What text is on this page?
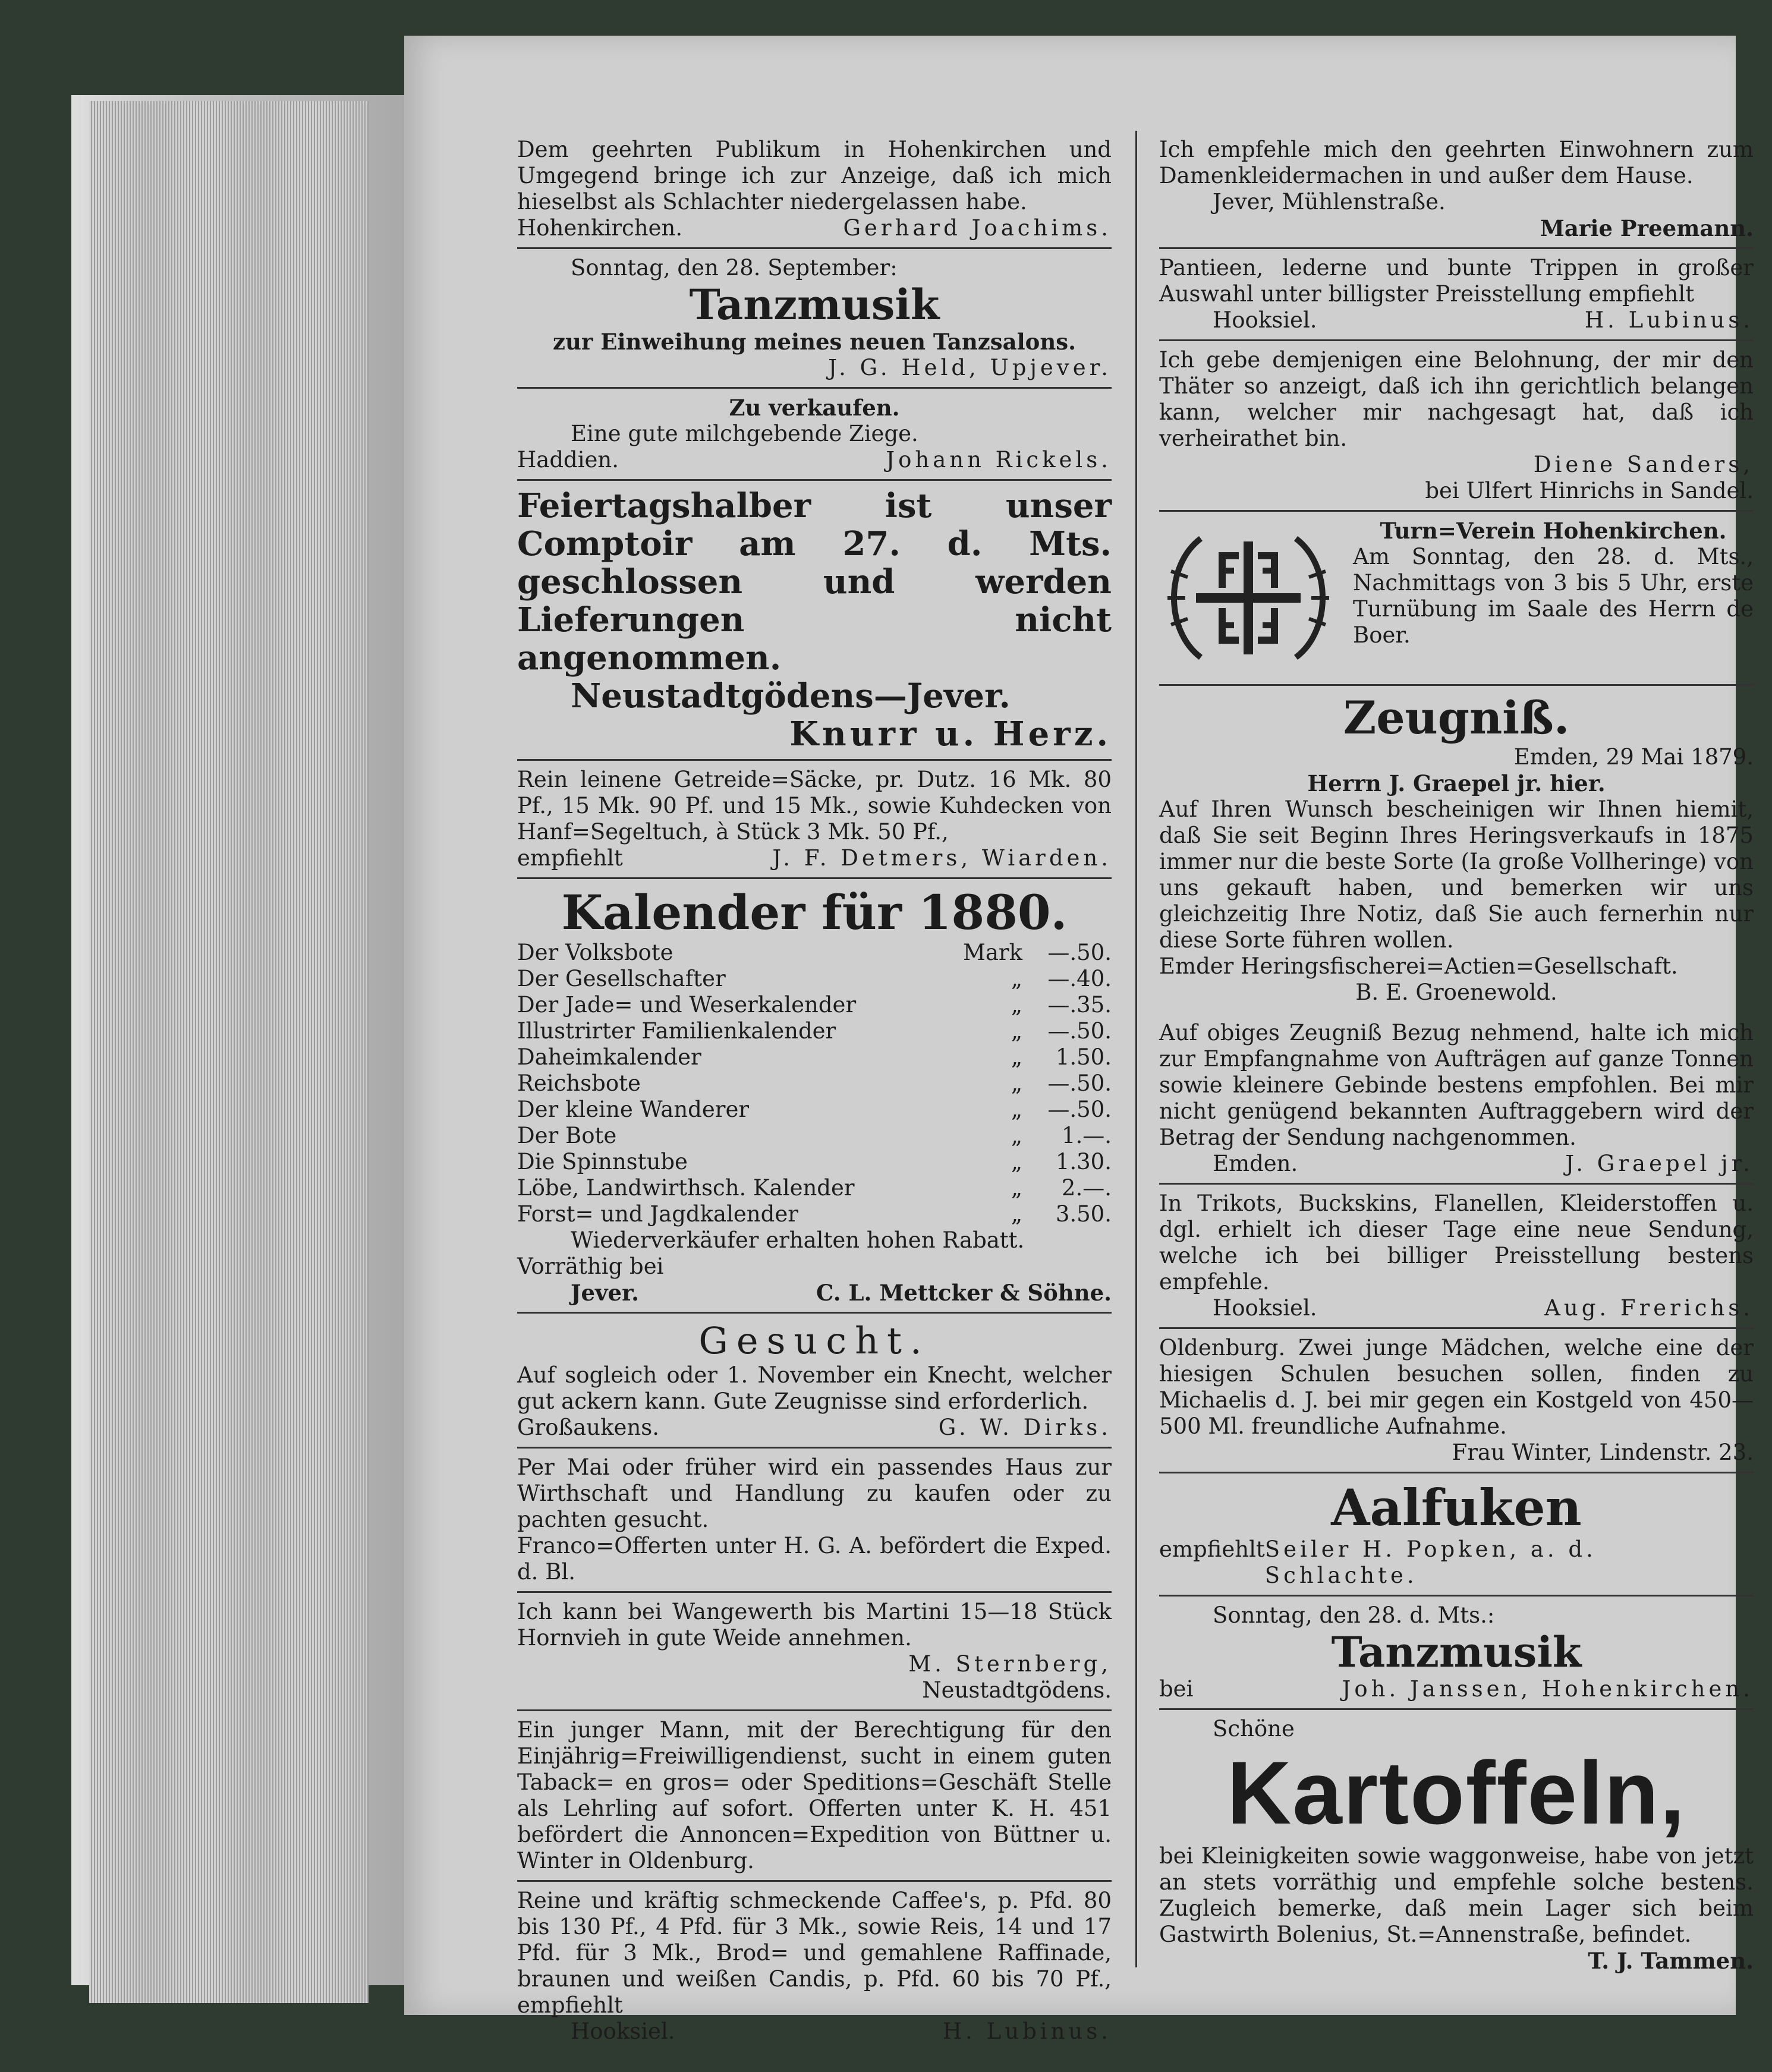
Dem geehrten Publikum in Hohenkirchen und Umgegend bringe ich zur Anzeige, daß ich mich hieselbst als Schlachter niedergelassen habe.

Hohenkirchen.	Gerhard Joachims.

Sonntag, den 28. September:

Tanzmusik

zur Einweihung meines neuen Tanzsalons.

J. G. Held, Upjever.

Zu verkaufen.

Eine gute milchgebende Ziege.

Haddien.	Johann Rickels.

Feiertagshalber ist unser Comptoir am 27. d. Mts. geschlossen und werden Lieferungen nicht angenommen.

Neustadtgödens—Jever.

Knurr u. Herz.

Rein leinene Getreide=Säcke, pr. Dutz. 16 Mk. 80 Pf., 15 Mk. 90 Pf. und 15 Mk., sowie Kuhdecken von Hanf=Segeltuch, à Stück 3 Mk. 50 Pf.,

empfiehlt	J. F. Detmers, Wiarden.

Kalender für 1880.

Der Volksbote	Mark	—.50.
Der Gesellschafter	„	—.40.
Der Jade= und Weserkalender	„	—.35.
Illustrirter Familienkalender	„	—.50.
Daheimkalender	„	1.50.
Reichsbote	„	—.50.
Der kleine Wanderer	„	—.50.
Der Bote	„	1.—.
Die Spinnstube	„	1.30.
Löbe, Landwirthsch. Kalender	„	2.—.
Forst= und Jagdkalender	„	3.50.

Wiederverkäufer erhalten hohen Rabatt.

Vorräthig bei

Jever.	C. L. Mettcker & Söhne.

Gesucht.

Auf sogleich oder 1. November ein Knecht, welcher gut ackern kann. Gute Zeugnisse sind erforderlich.

Großaukens.	G. W. Dirks.

Per Mai oder früher wird ein passendes Haus zur Wirthschaft und Handlung zu kaufen oder zu pachten gesucht.

Franco=Offerten unter H. G. A. befördert die Exped. d. Bl.

Ich kann bei Wangewerth bis Martini 15—18 Stück Hornvieh in gute Weide annehmen.

M. Sternberg,

Neustadtgödens.

Ein junger Mann, mit der Berechtigung für den Einjährig=Freiwilligendienst, sucht in einem guten Taback= en gros= oder Speditions=Geschäft Stelle als Lehrling auf sofort. Offerten unter K. H. 451 befördert die Annoncen=Expedition von Büttner u. Winter in Oldenburg.

Reine und kräftig schmeckende Caffee's, p. Pfd. 80 bis 130 Pf., 4 Pfd. für 3 Mk., sowie Reis, 14 und 17 Pfd. für 3 Mk., Brod= und gemahlene Raffinade, braunen und weißen Candis, p. Pfd. 60 bis 70 Pf., empfiehlt

Hooksiel.	H. Lubinus.

Ich empfehle mich den geehrten Einwohnern zum Damenkleidermachen in und außer dem Hause.

Jever, Mühlenstraße.

Marie Preemann.

Pantieen, lederne und bunte Trippen in großer Auswahl unter billigster Preisstellung empfiehlt

Hooksiel.	H. Lubinus.

Ich gebe demjenigen eine Belohnung, der mir den Thäter so anzeigt, daß ich ihn gerichtlich belangen kann, welcher mir nachgesagt hat, daß ich verheirathet bin.

Diene Sanders,

bei Ulfert Hinrichs in Sandel.

Turn=Verein Hohenkirchen.

Am Sonntag, den 28. d. Mts., Nachmittags von 3 bis 5 Uhr, erste Turnübung im Saale des Herrn de Boer.

Zeugniß.

Emden, 29 Mai 1879.

Herrn J. Graepel jr. hier.

Auf Ihren Wunsch bescheinigen wir Ihnen hiemit, daß Sie seit Beginn Ihres Heringsverkaufs in 1875 immer nur die beste Sorte (Ia große Vollheringe) von uns gekauft haben, und bemerken wir uns gleichzeitig Ihre Notiz, daß Sie auch fernerhin nur diese Sorte führen wollen.

Emder Heringsfischerei=Actien=Gesellschaft.

B. E. Groenewold.

Auf obiges Zeugniß Bezug nehmend, halte ich mich zur Empfangnahme von Aufträgen auf ganze Tonnen sowie kleinere Gebinde bestens empfohlen. Bei mir nicht genügend bekannten Auftraggebern wird der Betrag der Sendung nachgenommen.

Emden.	J. Graepel jr.

In Trikots, Buckskins, Flanellen, Kleiderstoffen u. dgl. erhielt ich dieser Tage eine neue Sendung, welche ich bei billiger Preisstellung bestens empfehle.

Hooksiel.	Aug. Frerichs.

Oldenburg. Zwei junge Mädchen, welche eine der hiesigen Schulen besuchen sollen, finden zu Michaelis d. J. bei mir gegen ein Kostgeld von 450—500 Ml. freundliche Aufnahme.

Frau Winter, Lindenstr. 23.

Aalfuken

empfiehlt Seiler H. Popken, a. d. Schlachte.

Sonntag, den 28. d. Mts.:

Tanzmusik

bei	Joh. Janssen, Hohenkirchen.

Schöne

Kartoffeln,

bei Kleinigkeiten sowie waggonweise, habe von jetzt an stets vorräthig und empfehle solche bestens. Zugleich bemerke, daß mein Lager sich beim Gastwirth Bolenius, St.=Annenstraße, befindet.

T. J. Tammen.
